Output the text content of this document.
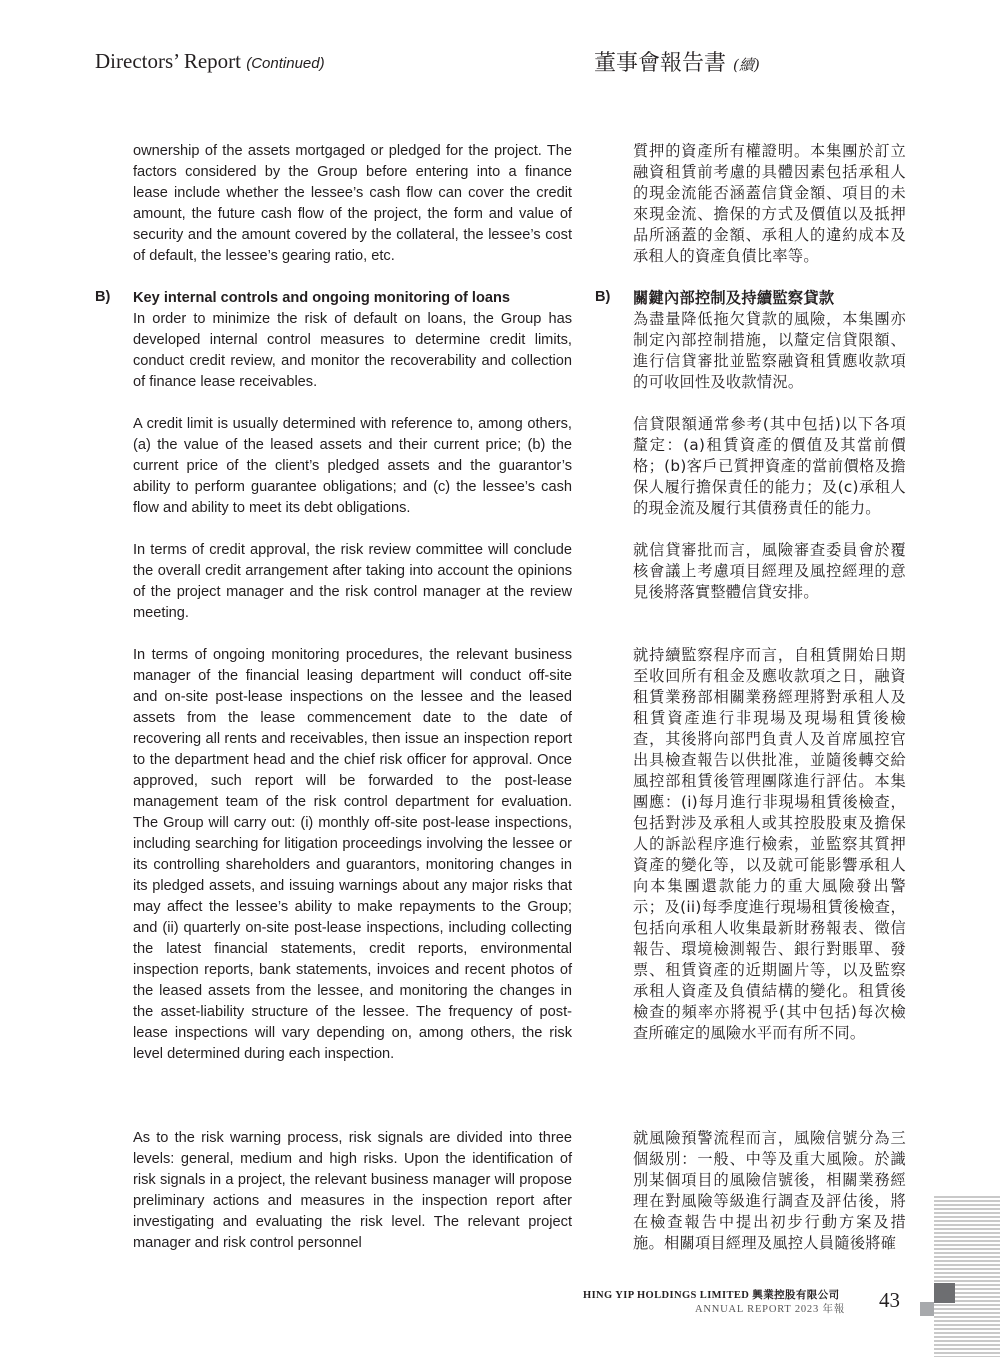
Directors’ Report (Continued)	董事會報告書 (續)

ownership of the assets mortgaged or pledged for the project. The factors considered by the Group before entering into a finance lease include whether the lessee’s cash flow can cover the credit amount, the future cash flow of the project, the form and value of security and the amount covered by the collateral, the lessee’s cost of default, the lessee’s gearing ratio, etc.

B) Key internal controls and ongoing monitoring of loans

In order to minimize the risk of default on loans, the Group has developed internal control measures to determine credit limits, conduct credit review, and monitor the recoverability and collection of finance lease receivables.

A credit limit is usually determined with reference to, among others, (a) the value of the leased assets and their current price; (b) the current price of the client’s pledged assets and the guarantor’s ability to perform guarantee obligations; and (c) the lessee’s cash flow and ability to meet its debt obligations.

In terms of credit approval, the risk review committee will conclude the overall credit arrangement after taking into account the opinions of the project manager and the risk control manager at the review meeting.

In terms of ongoing monitoring procedures, the relevant business manager of the financial leasing department will conduct off-site and on-site post-lease inspections on the lessee and the leased assets from the lease commencement date to the date of recovering all rents and receivables, then issue an inspection report to the department head and the chief risk officer for approval. Once approved, such report will be forwarded to the post-lease management team of the risk control department for evaluation. The Group will carry out: (i) monthly off-site post-lease inspections, including searching for litigation proceedings involving the lessee or its controlling shareholders and guarantors, monitoring changes in its pledged assets, and issuing warnings about any major risks that may affect the lessee’s ability to make repayments to the Group; and (ii) quarterly on-site post-lease inspections, including collecting the latest financial statements, credit reports, environmental inspection reports, bank statements, invoices and recent photos of the leased assets from the lessee, and monitoring the changes in the asset-liability structure of the lessee. The frequency of post-lease inspections will vary depending on, among others, the risk level determined during each inspection.

As to the risk warning process, risk signals are divided into three levels: general, medium and high risks. Upon the identification of risk signals in a project, the relevant business manager will propose preliminary actions and measures in the inspection report after investigating and evaluating the risk level. The relevant project manager and risk control personnel

質押的資產所有權證明。本集團於訂立融資租賃前考慮的具體因素包括承租人的現金流能否涵蓋信貸金額、項目的未來現金流、擔保的方式及價值以及抵押品所涵蓋的金額、承租人的違約成本及承租人的資產負債比率等。

B) 關鍵內部控制及持續監察貸款

為盡量降低拖欠貸款的風險，本集團亦制定內部控制措施，以釐定信貸限額、進行信貸審批並監察融資租賃應收款項的可收回性及收款情況。

信貸限額通常參考(其中包括)以下各項釐定：(a)租賃資產的價值及其當前價格；(b)客戶已質押資產的當前價格及擔保人履行擔保責任的能力；及(c)承租人的現金流及履行其債務責任的能力。

就信貸審批而言，風險審查委員會於覆核會議上考慮項目經理及風控經理的意見後將落實整體信貸安排。

就持續監察程序而言，自租賃開始日期至收回所有租金及應收款項之日，融資租賃業務部相關業務經理將對承租人及租賃資產進行非現場及現場租賃後檢查，其後將向部門負責人及首席風控官出具檢查報告以供批准，並隨後轉交給風控部租賃後管理團隊進行評估。本集團應：(i)每月進行非現場租賃後檢查，包括對涉及承租人或其控股股東及擔保人的訴訟程序進行檢索，並監察其質押資產的變化等，以及就可能影響承租人向本集團還款能力的重大風險發出警示；及(ii)每季度進行現場租賃後檢查，包括向承租人收集最新財務報表、徵信報告、環境檢測報告、銀行對賬單、發票、租賃資產的近期圖片等，以及監察承租人資產及負債結構的變化。租賃後檢查的頻率亦將視乎(其中包括)每次檢查所確定的風險水平而有所不同。

就風險預警流程而言，風險信號分為三個級別：一般、中等及重大風險。於識別某個項目的風險信號後，相關業務經理在對風險等級進行調查及評估後，將在檢查報告中提出初步行動方案及措施。相關項目經理及風控人員隨後將確

HING YIP HOLDINGS LIMITED 興業控股有限公司
ANNUAL REPORT 2023 年報 43
